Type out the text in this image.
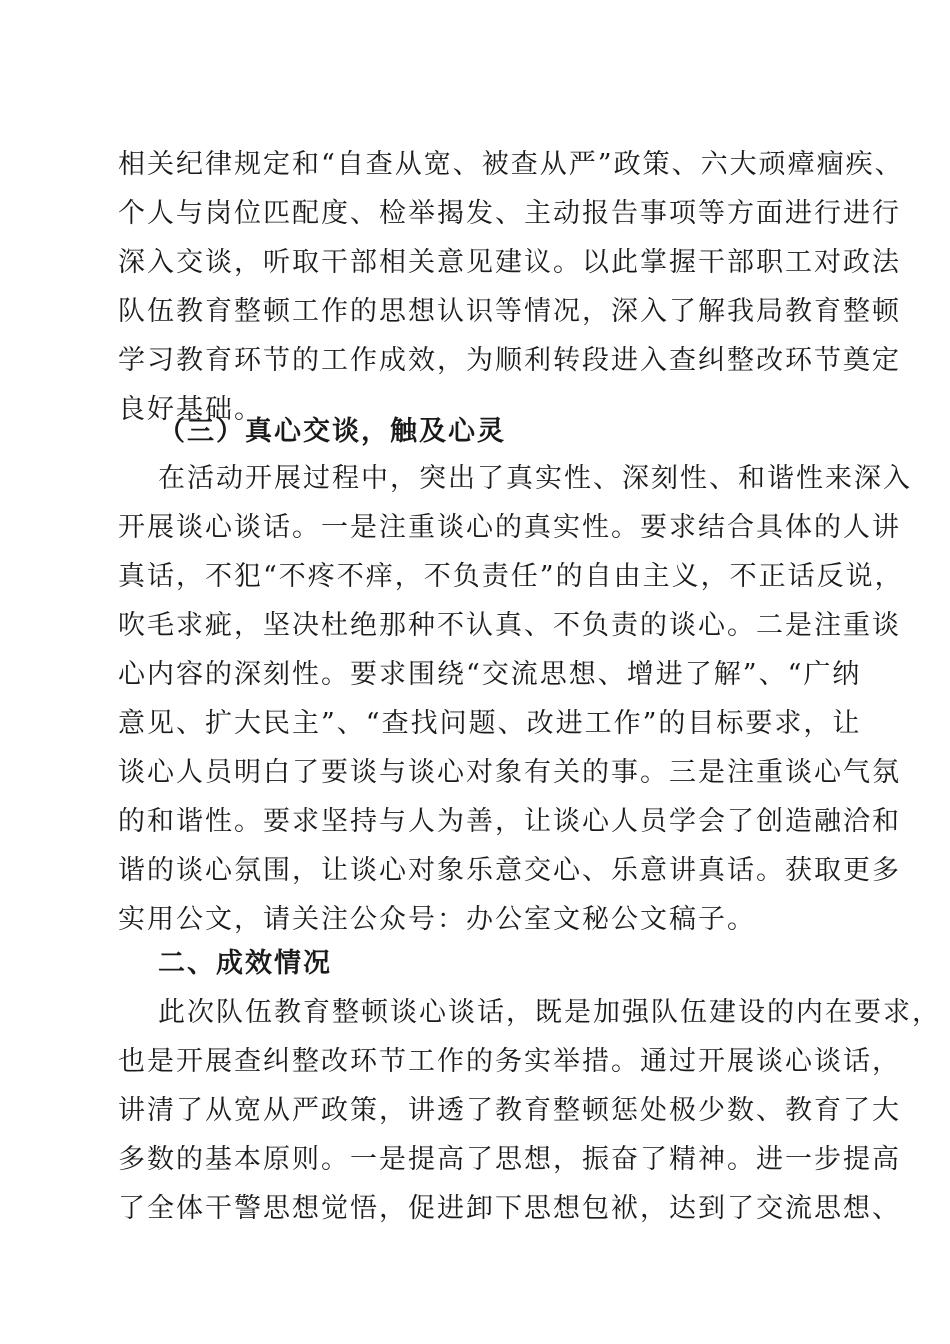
相关纪律规定和“自查从宽、被查从严”政策、六大顽瘴痼疾、
个人与岗位匹配度、检举揭发、主动报告事项等方面进行进行
深入交谈，听取干部相关意见建议。以此掌握干部职工对政法
队伍教育整顿工作的思想认识等情况，深入了解我局教育整顿
学习教育环节的工作成效，为顺利转段进入查纠整改环节奠定
良好基础。
（三）真心交谈，触及心灵
在活动开展过程中，突出了真实性、深刻性、和谐性来深入
开展谈心谈话。一是注重谈心的真实性。要求结合具体的人讲
真话，不犯“不疼不痒，不负责任”的自由主义，不正话反说，
吹毛求疵，坚决杜绝那种不认真、不负责的谈心。二是注重谈
心内容的深刻性。要求围绕“交流思想、增进了解”、“广纳
意见、扩大民主”、“查找问题、改进工作”的目标要求，让
谈心人员明白了要谈与谈心对象有关的事。三是注重谈心气氛
的和谐性。要求坚持与人为善，让谈心人员学会了创造融洽和
谐的谈心氛围，让谈心对象乐意交心、乐意讲真话。获取更多
实用公文，请关注公众号：办公室文秘公文稿子。
二、成效情况
此次队伍教育整顿谈心谈话，既是加强队伍建设的内在要求，
也是开展查纠整改环节工作的务实举措。通过开展谈心谈话，
讲清了从宽从严政策，讲透了教育整顿惩处极少数、教育了大
多数的基本原则。一是提高了思想，振奋了精神。进一步提高
了全体干警思想觉悟，促进卸下思想包袱，达到了交流思想、
